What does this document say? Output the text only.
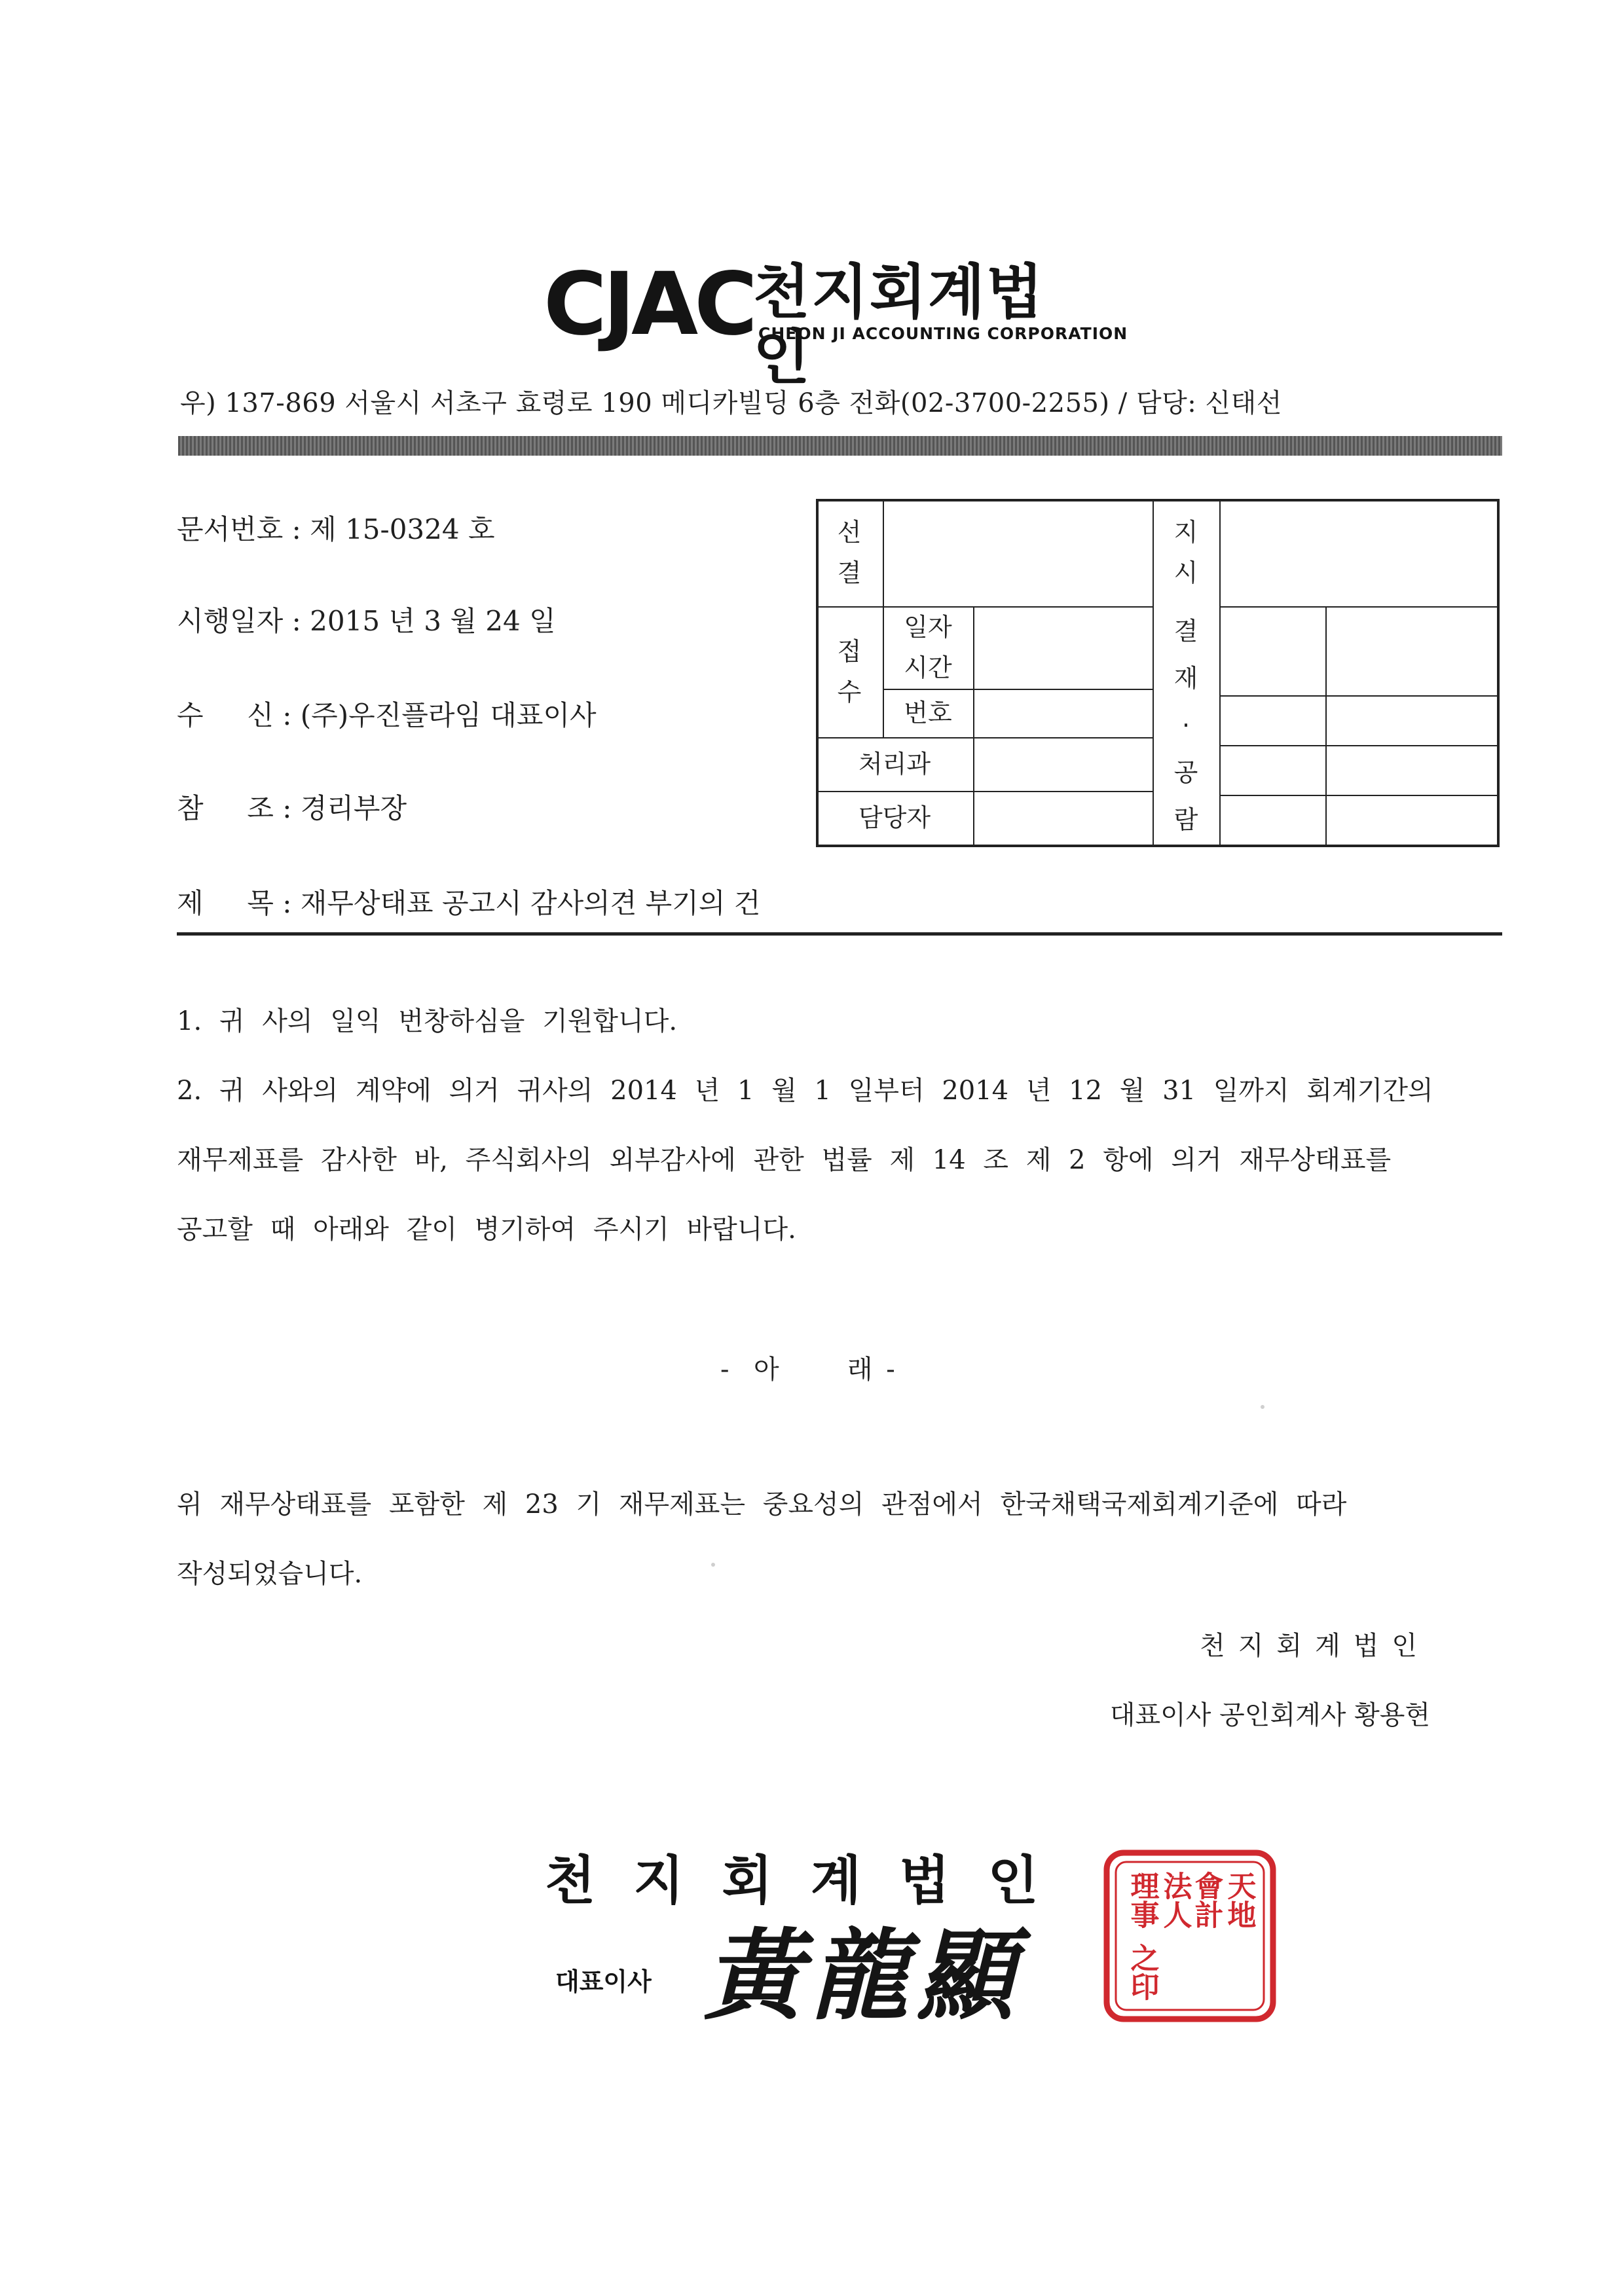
CJAC
천지회계법인
CHEON JI ACCOUNTING CORPORATION
우) 137-869 서울시 서초구 효령로 190 메디카빌딩 6층 전화(02-3700-2255) / 담당: 신태선
문서번호 : 제 15-0324 호
시행일자 : 2015 년 3 월 24 일
수     신 : (주)우진플라임 대표이사
참     조 : 경리부장
제     목 : 재무상태표 공고시 감사의견 부기의 건
선
결
지
시
접
수
일자
시간
번호
처리과
담당자
결
재
·
공
람
1. 귀 사의 일익 번창하심을 기원합니다.
2. 귀 사와의 계약에 의거 귀사의 2014 년 1 월 1 일부터 2014 년 12 월 31 일까지 회계기간의
재무제표를 감사한 바, 주식회사의 외부감사에 관한 법률 제 14 조 제 2 항에 의거 재무상태표를
공고할 때 아래와 같이 병기하여 주시기 바랍니다.
-  아      래 -
위 재무상태표를 포함한 제 23 기 재무제표는 중요성의 관점에서 한국채택국제회계기준에 따라
작성되었습니다.
천지회계법인
대표이사 공인회계사 황용현
천지회계법인
대표이사 黃龍顯
天地
會計
法人
理事
之印
